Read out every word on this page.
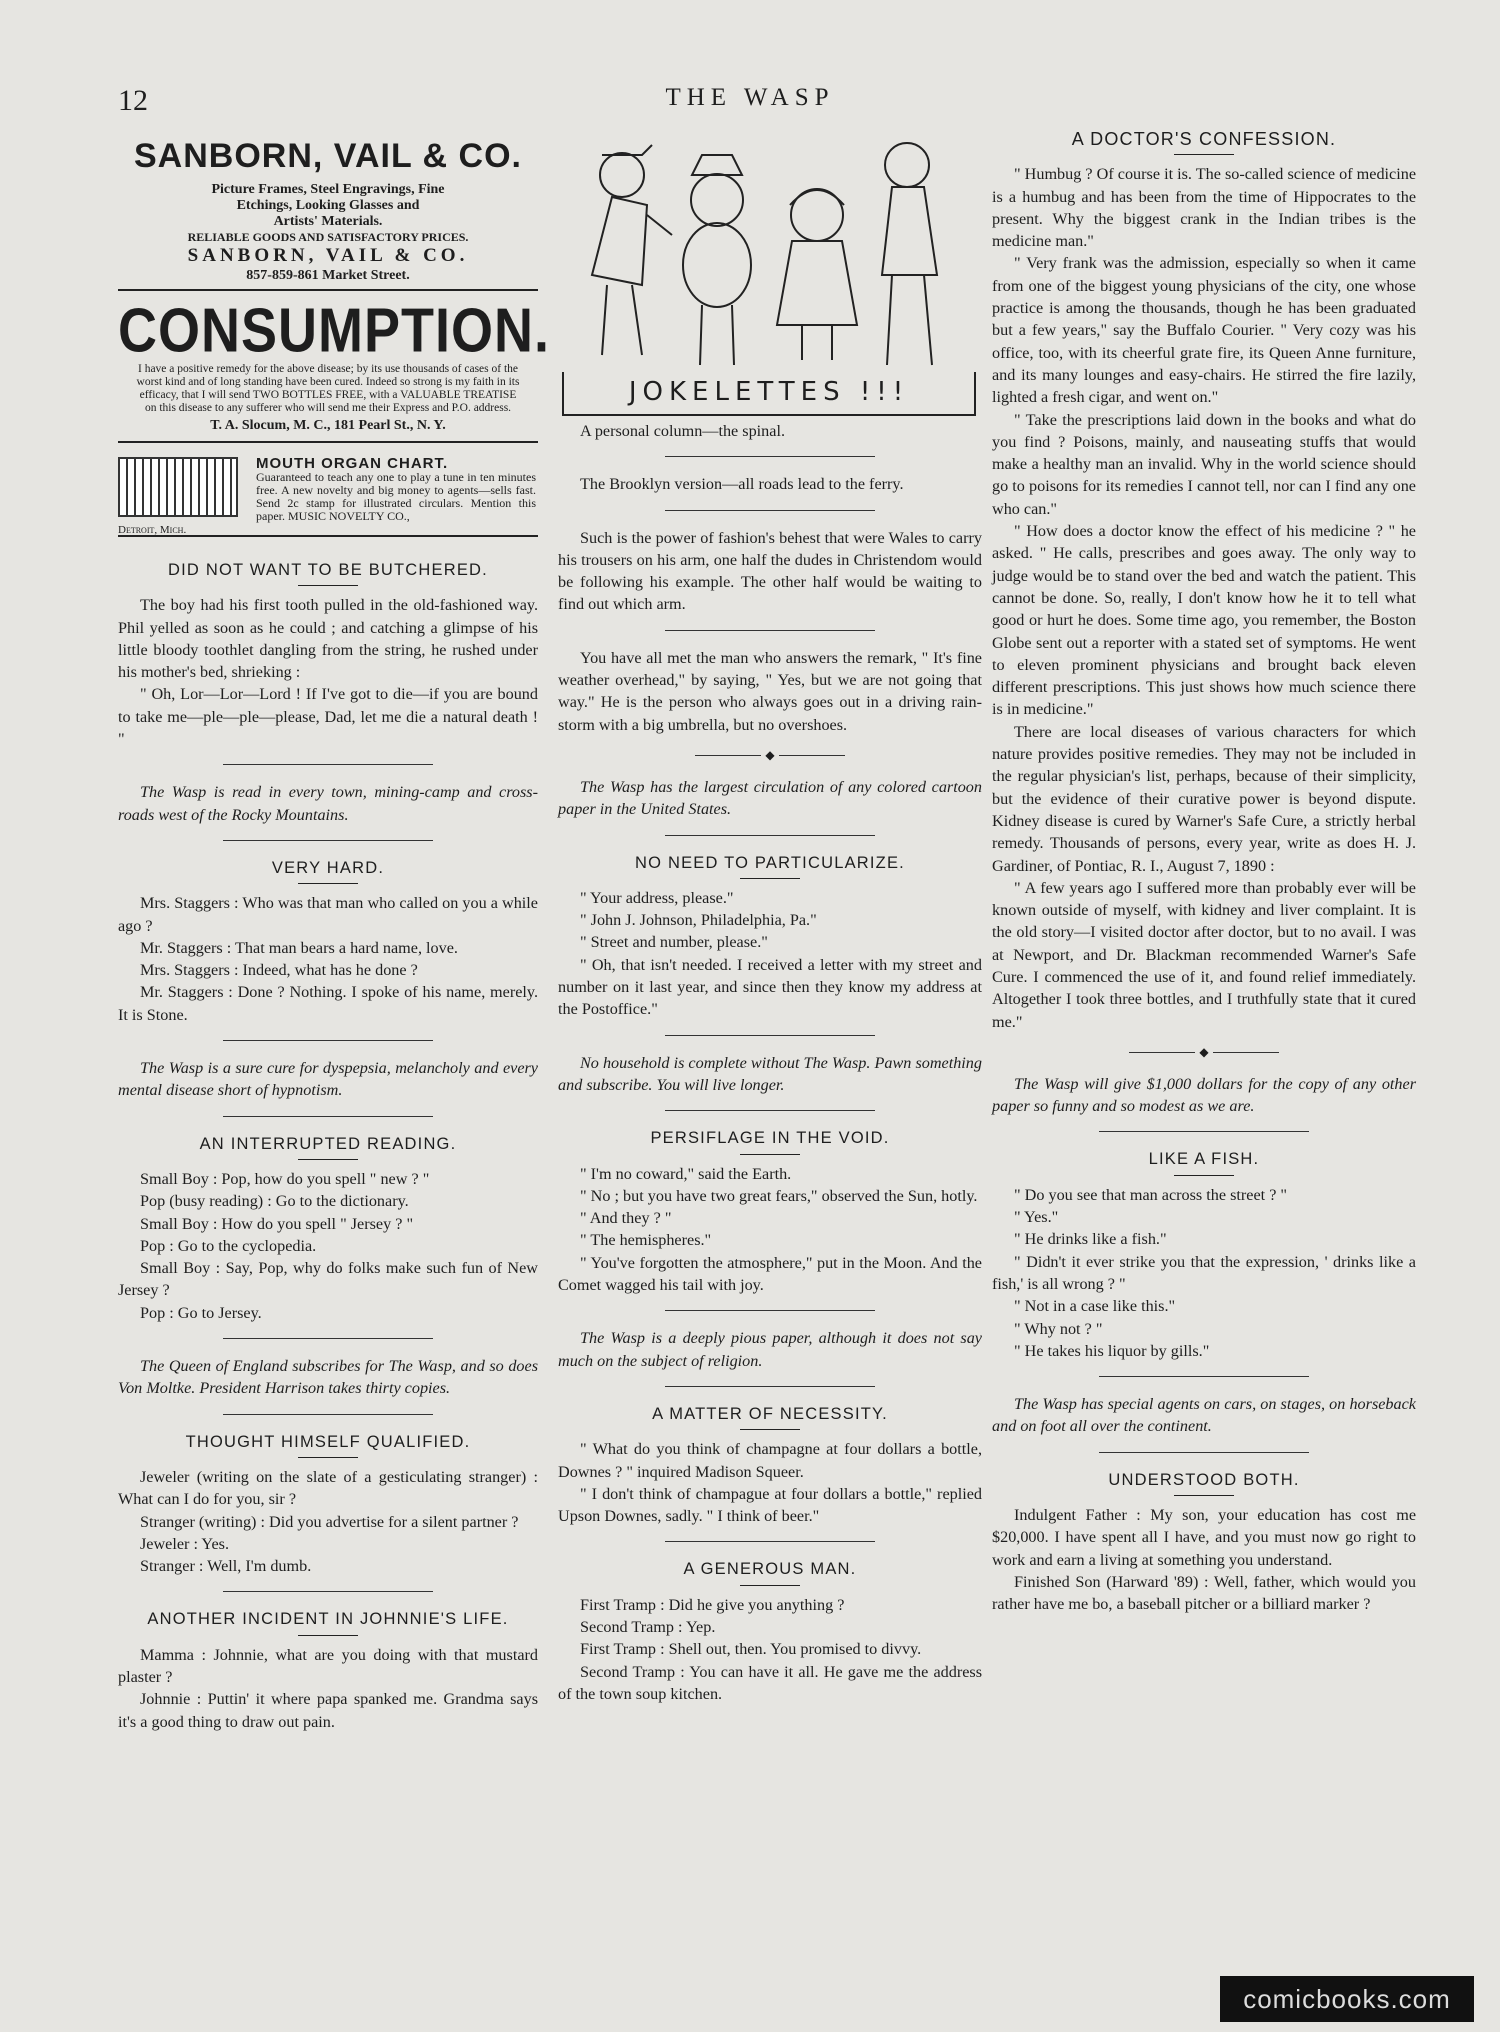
12	THE WASP
SANBORN, VAIL & CO.
Picture Frames, Steel Engravings, Fine
Etchings, Looking Glasses and
Artists' Materials.
RELIABLE GOODS AND SATISFACTORY PRICES.
SANBORN, VAIL & CO.
857-859-861 Market Street.
CONSUMPTION.
I have a positive remedy for the above disease; by its use thousands of cases of the worst kind and of long standing have been cured. Indeed so strong is my faith in its efficacy, that I will send TWO BOTTLES FREE, with a VALUABLE TREATISE on this disease to any sufferer who will send me their Express and P.O. address.
T. A. Slocum, M. C., 181 Pearl St., N. Y.
MOUTH ORGAN CHART.
Guaranteed to teach any one to play a tune in ten minutes free. A new novelty and big money to agents—sells fast. Send 2c stamp for illustrated circulars. Mention this paper. MUSIC NOVELTY CO.,
Detroit, Mich.
DID NOT WANT TO BE BUTCHERED.

The boy had his first tooth pulled in the old-fashioned way. Phil yelled as soon as he could ; and catching a glimpse of his little bloody toothlet dangling from the string, he rushed under his mother's bed, shrieking :

" Oh, Lor—Lor—Lord ! If I've got to die—if you are bound to take me—ple—ple—please, Dad, let me die a natural death ! "

The Wasp is read in every town, mining-camp and cross-roads west of the Rocky Mountains.

VERY HARD.

Mrs. Staggers : Who was that man who called on you a while ago ?

Mr. Staggers : That man bears a hard name, love.

Mrs. Staggers : Indeed, what has he done ?

Mr. Staggers : Done ? Nothing. I spoke of his name, merely. It is Stone.

The Wasp is a sure cure for dyspepsia, melancholy and every mental disease short of hypnotism.

AN INTERRUPTED READING.

Small Boy : Pop, how do you spell " new ? "

Pop (busy reading) : Go to the dictionary.

Small Boy : How do you spell " Jersey ? "

Pop : Go to the cyclopedia.

Small Boy : Say, Pop, why do folks make such fun of New Jersey ?

Pop : Go to Jersey.

The Queen of England subscribes for The Wasp, and so does Von Moltke. President Harrison takes thirty copies.

THOUGHT HIMSELF QUALIFIED.

Jeweler (writing on the slate of a gesticulating stranger) : What can I do for you, sir ?

Stranger (writing) : Did you advertise for a silent partner ?

Jeweler : Yes.

Stranger : Well, I'm dumb.

ANOTHER INCIDENT IN JOHNNIE'S LIFE.

Mamma : Johnnie, what are you doing with that mustard plaster ?

Johnnie : Puttin' it where papa spanked me. Grandma says it's a good thing to draw out pain.

JOKELETTES !!!

A personal column—the spinal.

The Brooklyn version—all roads lead to the ferry.

Such is the power of fashion's behest that were Wales to carry his trousers on his arm, one half the dudes in Christendom would be following his example. The other half would be waiting to find out which arm.

You have all met the man who answers the remark, " It's fine weather overhead," by saying, " Yes, but we are not going that way." He is the person who always goes out in a driving rain-storm with a big umbrella, but no overshoes.

◆

The Wasp has the largest circulation of any colored cartoon paper in the United States.

NO NEED TO PARTICULARIZE.

" Your address, please."

" John J. Johnson, Philadelphia, Pa."

" Street and number, please."

" Oh, that isn't needed. I received a letter with my street and number on it last year, and since then they know my address at the Postoffice."

No household is complete without The Wasp. Pawn something and subscribe. You will live longer.

PERSIFLAGE IN THE VOID.

" I'm no coward," said the Earth.

" No ; but you have two great fears," observed the Sun, hotly.

" And they ? "

" The hemispheres."

" You've forgotten the atmosphere," put in the Moon. And the Comet wagged his tail with joy.

The Wasp is a deeply pious paper, although it does not say much on the subject of religion.

A MATTER OF NECESSITY.

" What do you think of champagne at four dollars a bottle, Downes ? " inquired Madison Squeer.

" I don't think of champague at four dollars a bottle," replied Upson Downes, sadly. " I think of beer."

A GENEROUS MAN.

First Tramp : Did he give you anything ?

Second Tramp : Yep.

First Tramp : Shell out, then. You promised to divvy.

Second Tramp : You can have it all. He gave me the address of the town soup kitchen.

A DOCTOR'S CONFESSION.

" Humbug ? Of course it is. The so-called science of medicine is a humbug and has been from the time of Hippocrates to the present. Why the biggest crank in the Indian tribes is the medicine man."

" Very frank was the admission, especially so when it came from one of the biggest young physicians of the city, one whose practice is among the thousands, though he has been graduated but a few years," say the Buffalo Courier. " Very cozy was his office, too, with its cheerful grate fire, its Queen Anne furniture, and its many lounges and easy-chairs. He stirred the fire lazily, lighted a fresh cigar, and went on."

" Take the prescriptions laid down in the books and what do you find ? Poisons, mainly, and nauseating stuffs that would make a healthy man an invalid. Why in the world science should go to poisons for its remedies I cannot tell, nor can I find any one who can."

" How does a doctor know the effect of his medicine ? " he asked. " He calls, prescribes and goes away. The only way to judge would be to stand over the bed and watch the patient. This cannot be done. So, really, I don't know how he it to tell what good or hurt he does. Some time ago, you remember, the Boston Globe sent out a reporter with a stated set of symptoms. He went to eleven prominent physicians and brought back eleven different prescriptions. This just shows how much science there is in medicine."

There are local diseases of various characters for which nature provides positive remedies. They may not be included in the regular physician's list, perhaps, because of their simplicity, but the evidence of their curative power is beyond dispute. Kidney disease is cured by Warner's Safe Cure, a strictly herbal remedy. Thousands of persons, every year, write as does H. J. Gardiner, of Pontiac, R. I., August 7, 1890 :

" A few years ago I suffered more than probably ever will be known outside of myself, with kidney and liver complaint. It is the old story—I visited doctor after doctor, but to no avail. I was at Newport, and Dr. Blackman recommended Warner's Safe Cure. I commenced the use of it, and found relief immediately. Altogether I took three bottles, and I truthfully state that it cured me."

◆

The Wasp will give $1,000 dollars for the copy of any other paper so funny and so modest as we are.

LIKE A FISH.

" Do you see that man across the street ? "

" Yes."

" He drinks like a fish."

" Didn't it ever strike you that the expression, ' drinks like a fish,' is all wrong ? "

" Not in a case like this."

" Why not ? "

" He takes his liquor by gills."

The Wasp has special agents on cars, on stages, on horseback and on foot all over the continent.

UNDERSTOOD BOTH.

Indulgent Father : My son, your education has cost me $20,000. I have spent all I have, and you must now go right to work and earn a living at something you understand.

Finished Son (Harward '89) : Well, father, which would you rather have me bo, a baseball pitcher or a billiard marker ?

comicbooks.com
